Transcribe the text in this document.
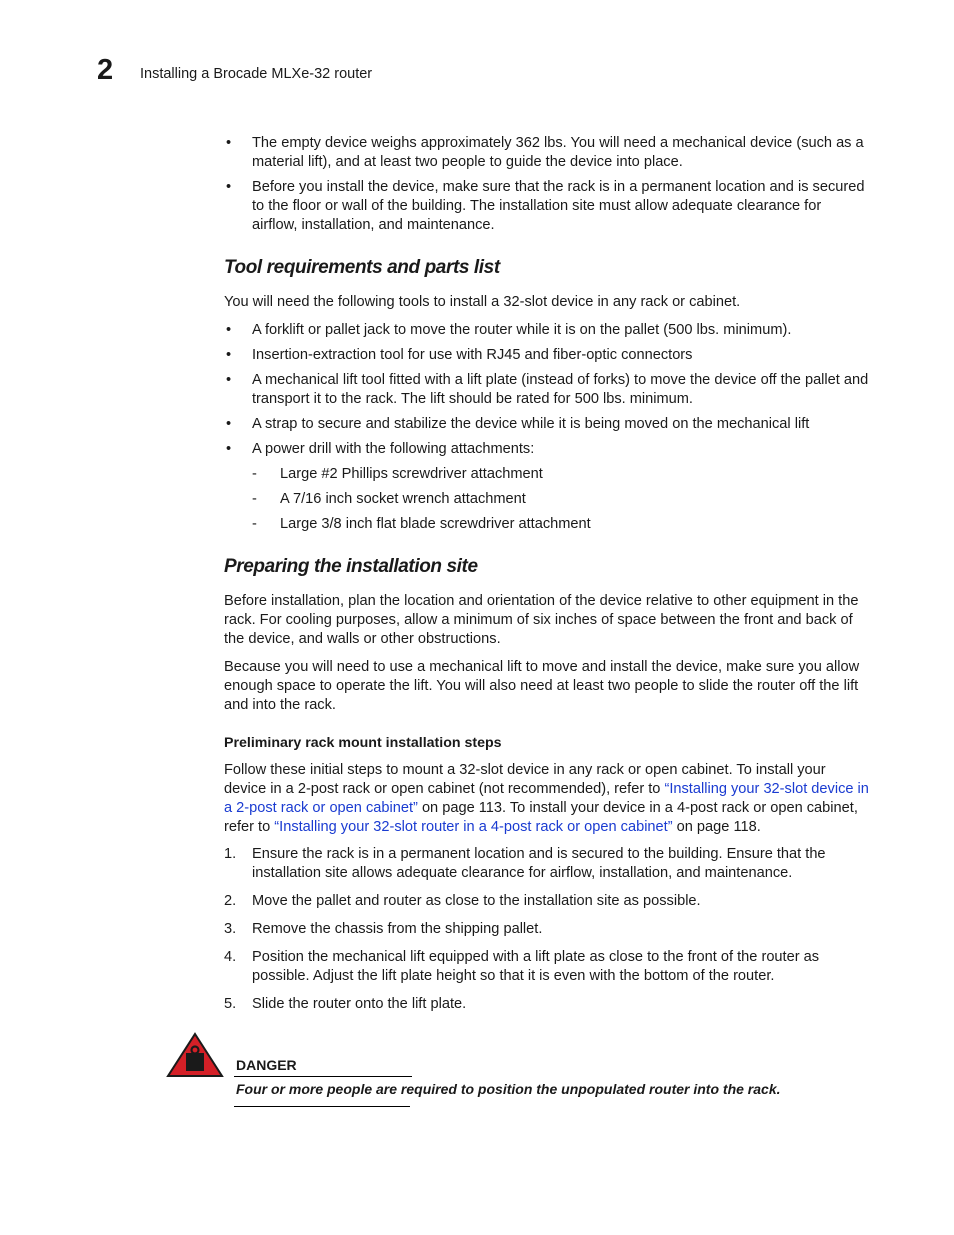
2 Installing a Brocade MLXe-32 router
• The empty device weighs approximately 362 lbs. You will need a mechanical device (such as a material lift), and at least two people to guide the device into place.
• Before you install the device, make sure that the rack is in a permanent location and is secured to the floor or wall of the building. The installation site must allow adequate clearance for airflow, installation, and maintenance.
Tool requirements and parts list
You will need the following tools to install a 32-slot device in any rack or cabinet.
• A forklift or pallet jack to move the router while it is on the pallet (500 lbs. minimum).
• Insertion-extraction tool for use with RJ45 and fiber-optic connectors
• A mechanical lift tool fitted with a lift plate (instead of forks) to move the device off the pallet and transport it to the rack. The lift should be rated for 500 lbs. minimum.
• A strap to secure and stabilize the device while it is being moved on the mechanical lift
• A power drill with the following attachments:
- Large #2 Phillips screwdriver attachment
- A 7/16 inch socket wrench attachment
- Large 3/8 inch flat blade screwdriver attachment
Preparing the installation site
Before installation, plan the location and orientation of the device relative to other equipment in the rack. For cooling purposes, allow a minimum of six inches of space between the front and back of the device, and walls or other obstructions.
Because you will need to use a mechanical lift to move and install the device, make sure you allow enough space to operate the lift. You will also need at least two people to slide the router off the lift and into the rack.
Preliminary rack mount installation steps
Follow these initial steps to mount a 32-slot device in any rack or open cabinet. To install your device in a 2-post rack or open cabinet (not recommended), refer to “Installing your 32-slot device in a 2-post rack or open cabinet” on page 113. To install your device in a 4-post rack or open cabinet, refer to “Installing your 32-slot router in a 4-post rack or open cabinet” on page 118.
1. Ensure the rack is in a permanent location and is secured to the building. Ensure that the installation site allows adequate clearance for airflow, installation, and maintenance.
2. Move the pallet and router as close to the installation site as possible.
3. Remove the chassis from the shipping pallet.
4. Position the mechanical lift equipped with a lift plate as close to the front of the router as possible. Adjust the lift plate height so that it is even with the bottom of the router.
5. Slide the router onto the lift plate.
DANGER
Four or more people are required to position the unpopulated router into the rack.
